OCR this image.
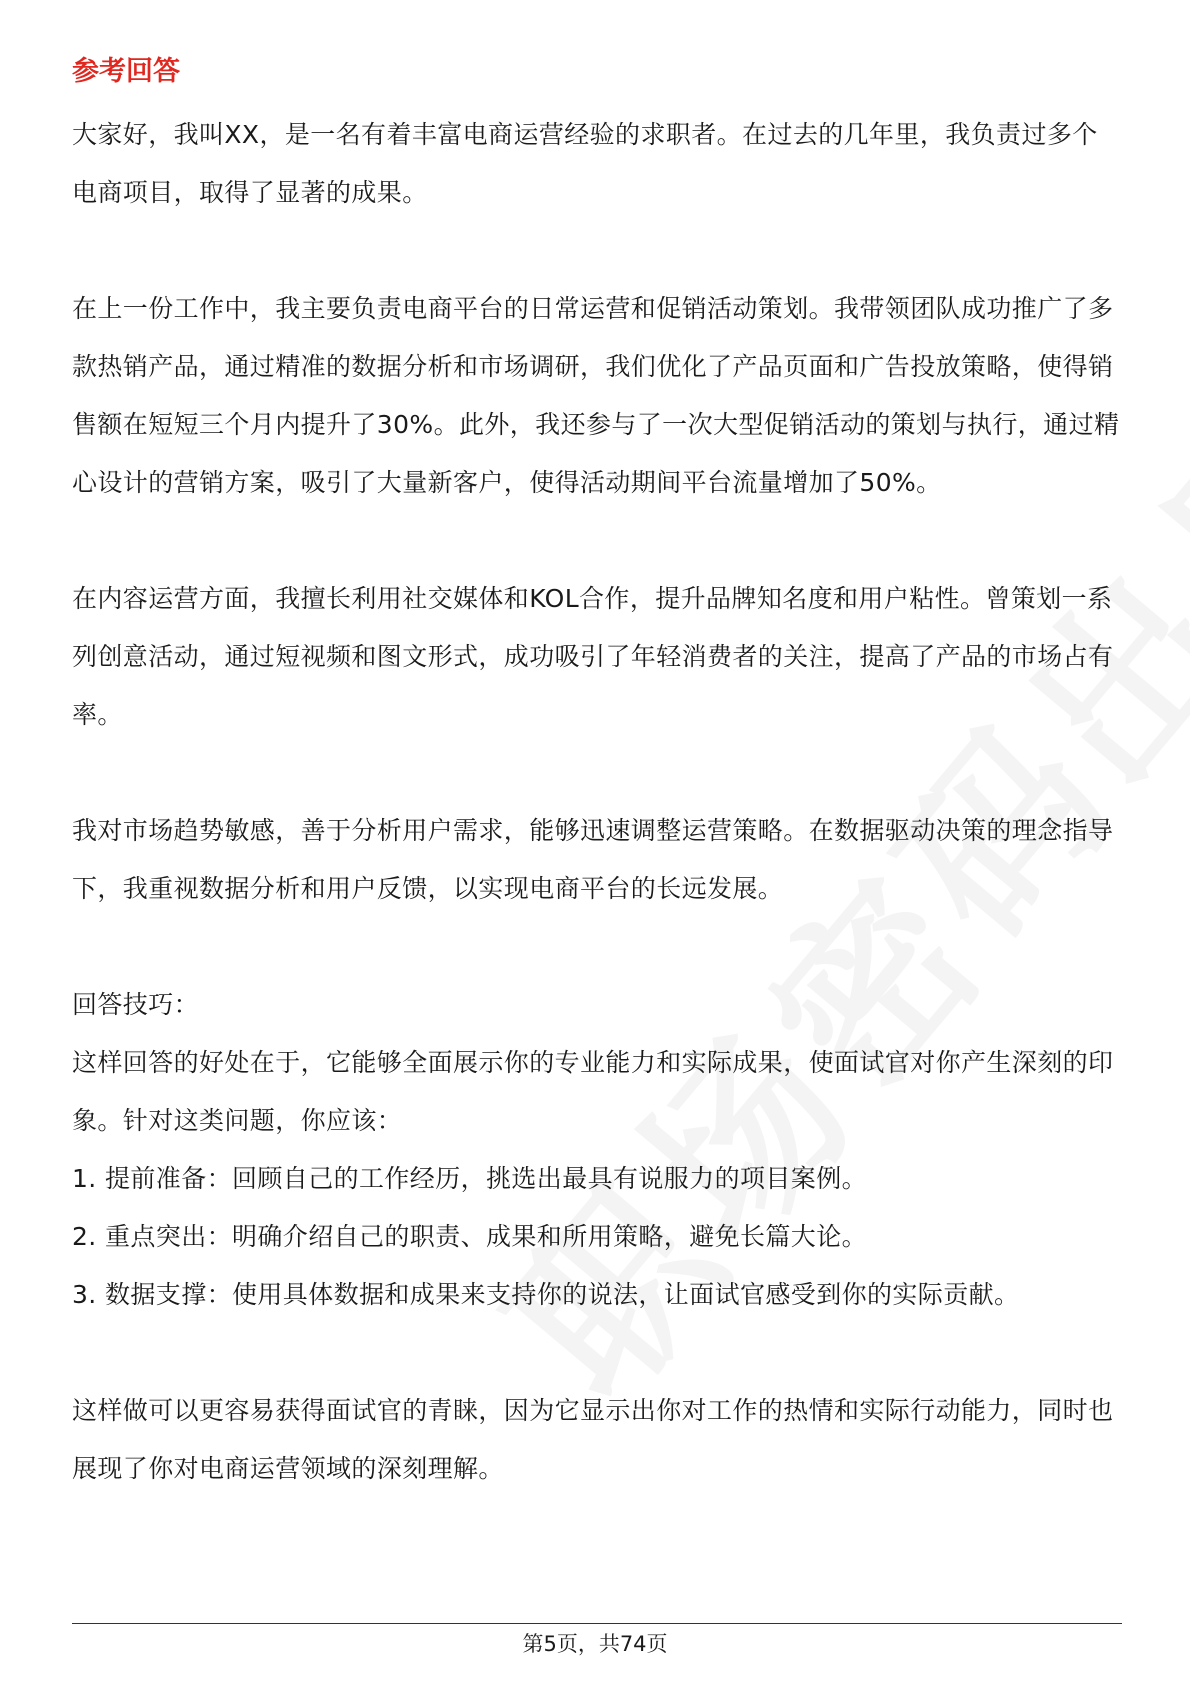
参考回答

大家好，我叫XX，是一名有着丰富电商运营经验的求职者。在过去的几年里，我负责过多个电商项目，取得了显著的成果。

在上一份工作中，我主要负责电商平台的日常运营和促销活动策划。我带领团队成功推广了多款热销产品，通过精准的数据分析和市场调研，我们优化了产品页面和广告投放策略，使得销售额在短短三个月内提升了30%。此外，我还参与了一次大型促销活动的策划与执行，通过精心设计的营销方案，吸引了大量新客户，使得活动期间平台流量增加了50%。

在内容运营方面，我擅长利用社交媒体和KOL合作，提升品牌知名度和用户粘性。曾策划一系列创意活动，通过短视频和图文形式，成功吸引了年轻消费者的关注，提高了产品的市场占有率。

我对市场趋势敏感，善于分析用户需求，能够迅速调整运营策略。在数据驱动决策的理念指导下，我重视数据分析和用户反馈，以实现电商平台的长远发展。

回答技巧：

这样回答的好处在于，它能够全面展示你的专业能力和实际成果，使面试官对你产生深刻的印象。针对这类问题，你应该：

1. 提前准备：回顾自己的工作经历，挑选出最具有说服力的项目案例。

2. 重点突出：明确介绍自己的职责、成果和所用策略，避免长篇大论。

3. 数据支撑：使用具体数据和成果来支持你的说法，让面试官感受到你的实际贡献。

这样做可以更容易获得面试官的青睐，因为它显示出你对工作的热情和实际行动能力，同时也展现了你对电商运营领域的深刻理解。

第5页，共74页
